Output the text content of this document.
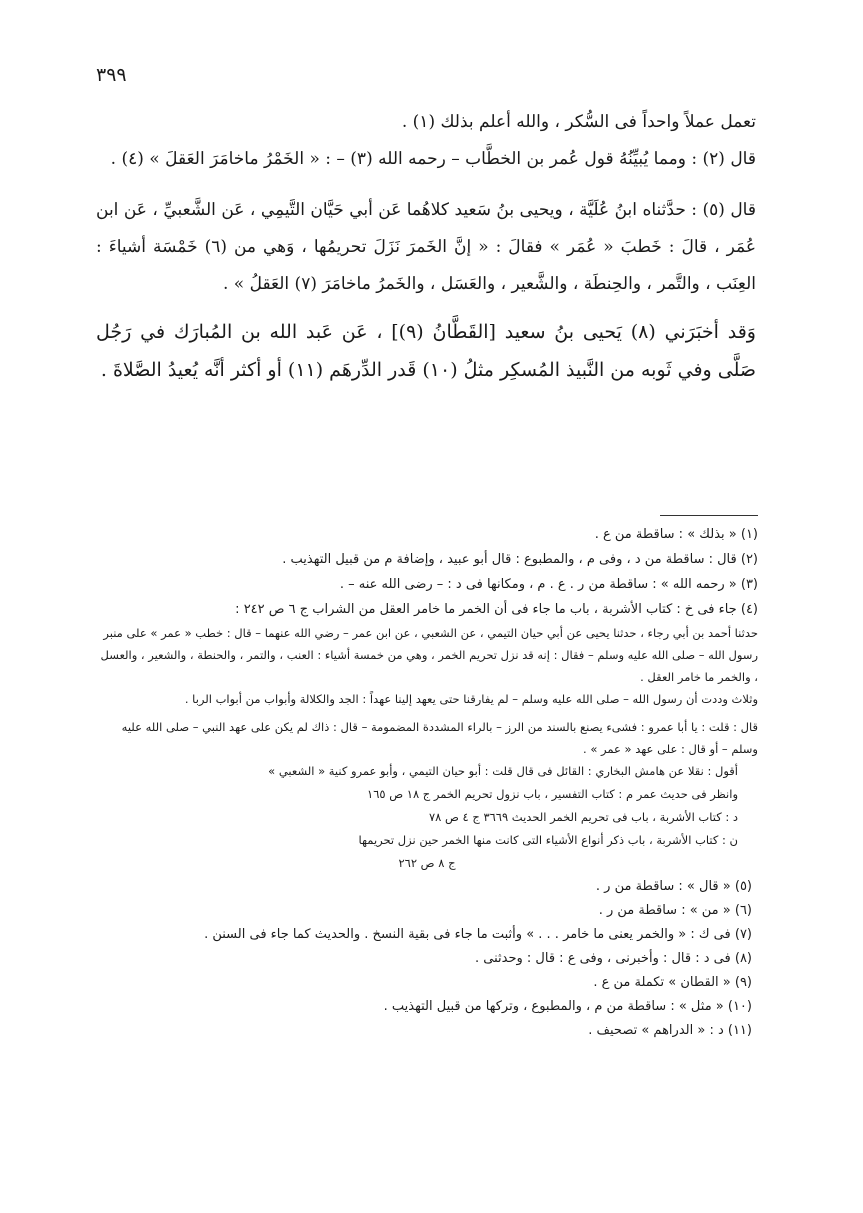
٣٩٩

تعمل عملاً واحداً فى السُّكر ، والله أعلم بذلك (١) .

قال (٢) : ومما يُبيِّنُهُ قول عُمر بن الخطَّاب – رحمه الله (٣) – : « الخَمْرُ ماخامَرَ العَقلَ » (٤) .

قال (٥) : حدَّثناه ابنُ عُلَيَّة ، ويحيى بنُ سَعيد كلاهُما عَن أبي حَيَّان التَّيمِي ، عَن الشَّعبيِّ ، عَن ابن عُمَر ، قالَ : خَطبَ « عُمَر » فقالَ : « إنَّ الخَمرَ نَزَلَ تحريمُها ، وَهي من (٦) خَمْسَة أشياءَ : العِنَب ، والتَّمر ، والحِنطَة ، والشَّعير ، والعَسَل ، والخَمرُ ماخامَرَ (٧) العَقلُ » .

وَقد أخبَرَني (٨) يَحيى بنُ سعيد [القَطَّانُ (٩)] ، عَن عَبد الله بن المُبارَك في رَجُل صَلَّى وفي ثَوبه من النَّبيذ المُسكِر مثلُ (١٠) قَدر الدِّرهَم (١١) أو أكثر أنَّه يُعيدُ الصَّلاةَ .

(١) « بذلك » : ساقطة من ع .

(٢) قال : ساقطة من د ، وفى م ، والمطبوع : قال أبو عبيد ، وإضافة م من قبيل التهذيب .

(٣) « رحمه الله » : ساقطة من ر . ع . م ، ومكانها فى د : – رضى الله عنه – .

(٤) جاء فى خ : كتاب الأشربة ، باب ما جاء فى أن الخمر ما خامر العقل من الشراب ج ٦ ص ٢٤٢ :

حدثنا أحمد بن أبي رجاء ، حدثنا يحيى عن أبي حيان التيمي ، عن الشعبي ، عن ابن عمر – رضي الله عنهما – قال : خطب « عمر » على منبر رسول الله – صلى الله عليه وسلم – فقال : إنه قد نزل تحريم الخمر ، وهي من خمسة أشياء : العنب ، والتمر ، والحنطة ، والشعير ، والعسل ، والخمر ما خامر العقل .

وثلاث وددت أن رسول الله – صلى الله عليه وسلم – لم يفارقنا حتى يعهد إلينا عهداً : الجد والكلالة وأبواب من أبواب الربا .

قال : قلت : يا أبا عمرو : فشىء يصنع بالسند من الرز – بالراء المشددة المضمومة – قال : ذاك لم يكن على عهد النبي – صلى الله عليه وسلم – أو قال : على عهد « عمر » .

أقول : نقلا عن هامش البخاري : القائل فى قال قلت : أبو حيان التيمي ، وأبو عمرو كنية « الشعبي »

وانظر فى حديث عمر م : كتاب التفسير ، باب نزول تحريم الخمر ج ١٨ ص ١٦٥

د : كتاب الأشربة ، باب فى تحريم الخمر الحديث ٣٦٦٩ ج ٤ ص ٧٨

ن : كتاب الأشربة ، باب ذكر أنواع الأشياء التى كانت منها الخمر حين نزل تحريمها

ج ٨ ص ٢٦٢

(٥) « قال » : ساقطة من ر .

(٦) « من » : ساقطة من ر .

(٧) فى ك : « والخمر يعنى ما خامر . . . » وأثبت ما جاء فى بقية النسخ . والحديث كما جاء فى السنن .

(٨) فى د : قال : وأخبرنى ، وفى ع : قال : وحدثنى .

(٩) « القطان » تكملة من ع .

(١٠) « مثل » : ساقطة من م ، والمطبوع ، وتركها من قبيل التهذيب .

(١١) د : « الدراهم » تصحيف .
